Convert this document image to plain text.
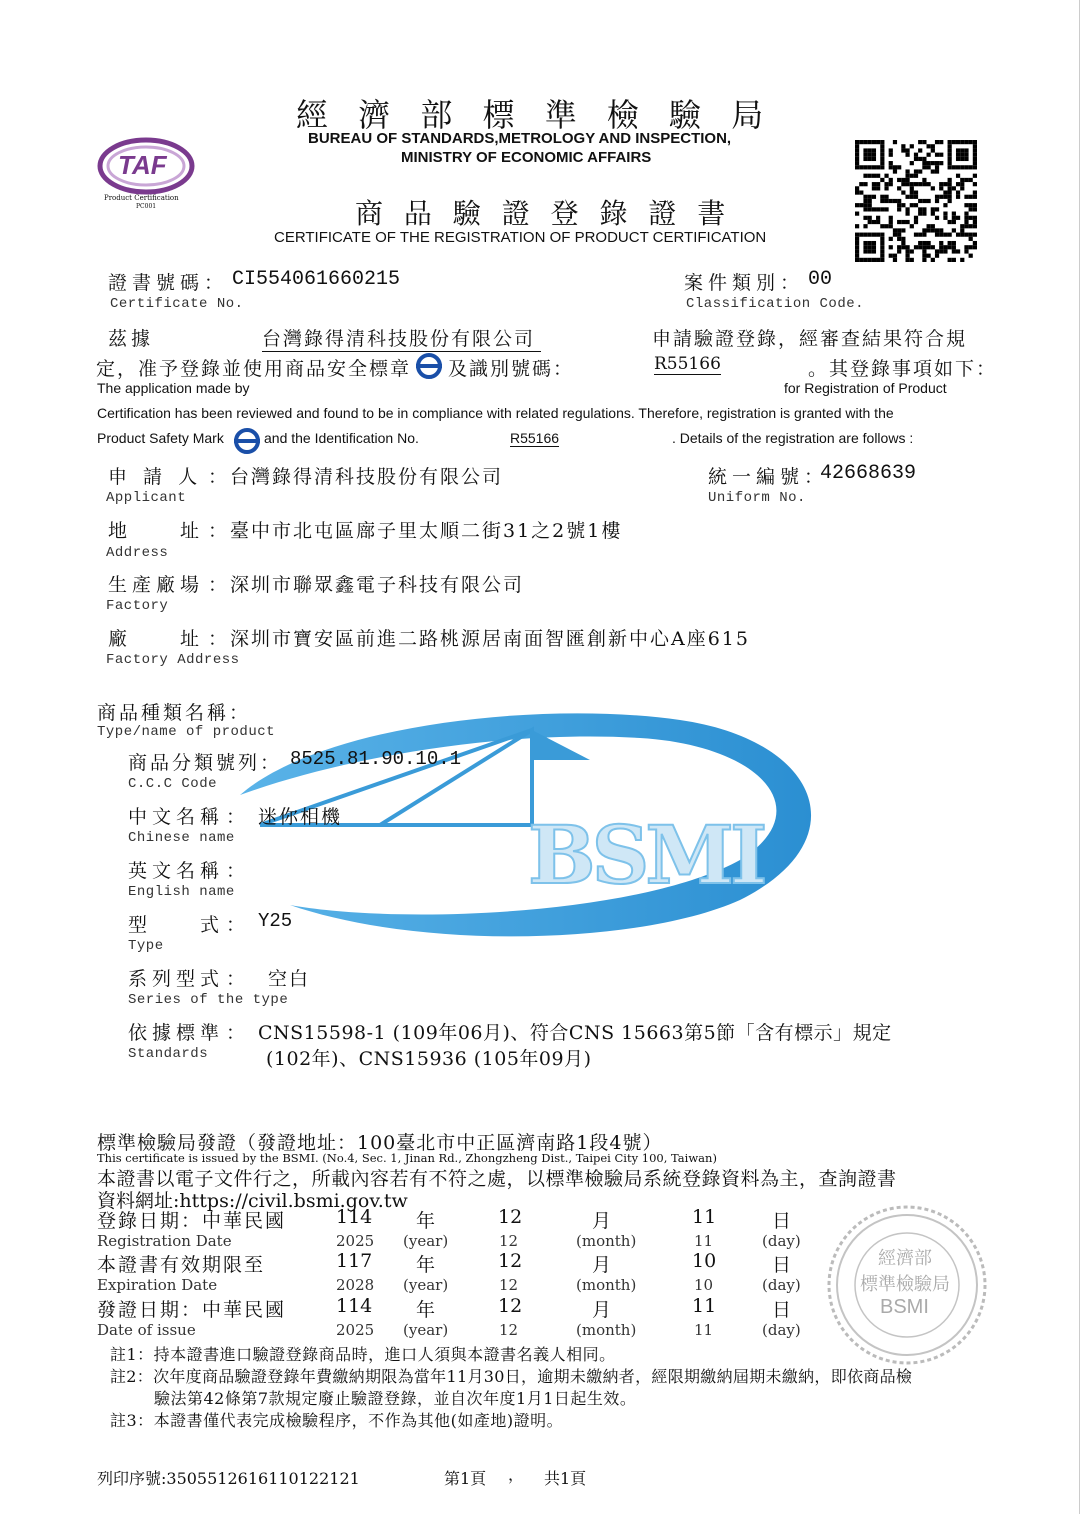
TAF
Product Certification
PC001
經 濟 部 標 準 檢 驗 局
BUREAU OF STANDARDS,METROLOGY AND INSPECTION,
MINISTRY OF ECONOMIC AFFAIRS
商 品 驗 證 登 錄 證 書
CERTIFICATE OF THE REGISTRATION OF PRODUCT CERTIFICATION
證書號碼： CI554061660215
Certificate No.
案件類別： 00
Classification Code.
茲據	台灣錄得清科技股份有限公司	申請驗證登錄，經審查結果符合規
定，准予登錄並使用商品安全標章 及識別號碼：	R55166	。其登錄事項如下：
The application made by	for Registration of Product
Certification has been reviewed and found to be in compliance with related regulations. Therefore, registration is granted with the
Product Safety Mark	and the Identification No.	R55166	. Details of the registration are follows :
BSMI
申 請 人 ： 台灣錄得清科技股份有限公司
Applicant
統一編號：
42668639
Uniform No.
地　　址 ： 臺中市北屯區廍子里太順二街31之2號1樓
Address
生產廠場 ： 深圳市聯眾鑫電子科技有限公司
Factory
廠　　址 ： 深圳市寶安區前進二路桃源居南面智匯創新中心A座615
Factory Address
商品種類名稱：
Type/name of product
商品分類號列： 8525.81.90.10.1
C.C.C Code
中文名稱 ： 迷你相機
Chinese name
英文名稱 ：
English name
型　　式 ： Y25
Type
系列型式 ： 空白
Series of the type
依據標準 ： CNS15598-1 (109年06月)、符合CNS 15663第5節「含有標示」規定
Standards	(102年)、CNS15936 (105年09月)
標準檢驗局發證（發證地址：100臺北市中正區濟南路1段4號）
This certificate is issued by the BSMI. (No.4, Sec. 1, Jinan Rd., Zhongzheng Dist., Taipei City 100, Taiwan)
本證書以電子文件行之，所載內容若有不符之處，以標準檢驗局系統登錄資料為主，查詢證書
資料網址:https://civil.bsmi.gov.tw
登錄日期：中華民國	114 年	12	月	11	日
Registration Date	2025 (year)	12	(month)	11	(day)
本證書有效期限至	117 年	12	月	10	日
Expiration Date	2028 (year)	12	(month)	10	(day)
發證日期：中華民國	114 年	12	月	11	日
Date of issue	2025 (year)	12	(month)	11	(day)
經濟部
標準檢驗局
BSMI
註1：持本證書進口驗證登錄商品時，進口人須與本證書名義人相同。
註2：次年度商品驗證登錄年費繳納期限為當年11月30日，逾期未繳納者，經限期繳納屆期未繳納，即依商品檢
驗法第42條第7款規定廢止驗證登錄，並自次年度1月1日起生效。
註3：本證書僅代表完成檢驗程序，不作為其他(如產地)證明。
列印序號:3505512616110122121	第1頁 ， 共1頁
